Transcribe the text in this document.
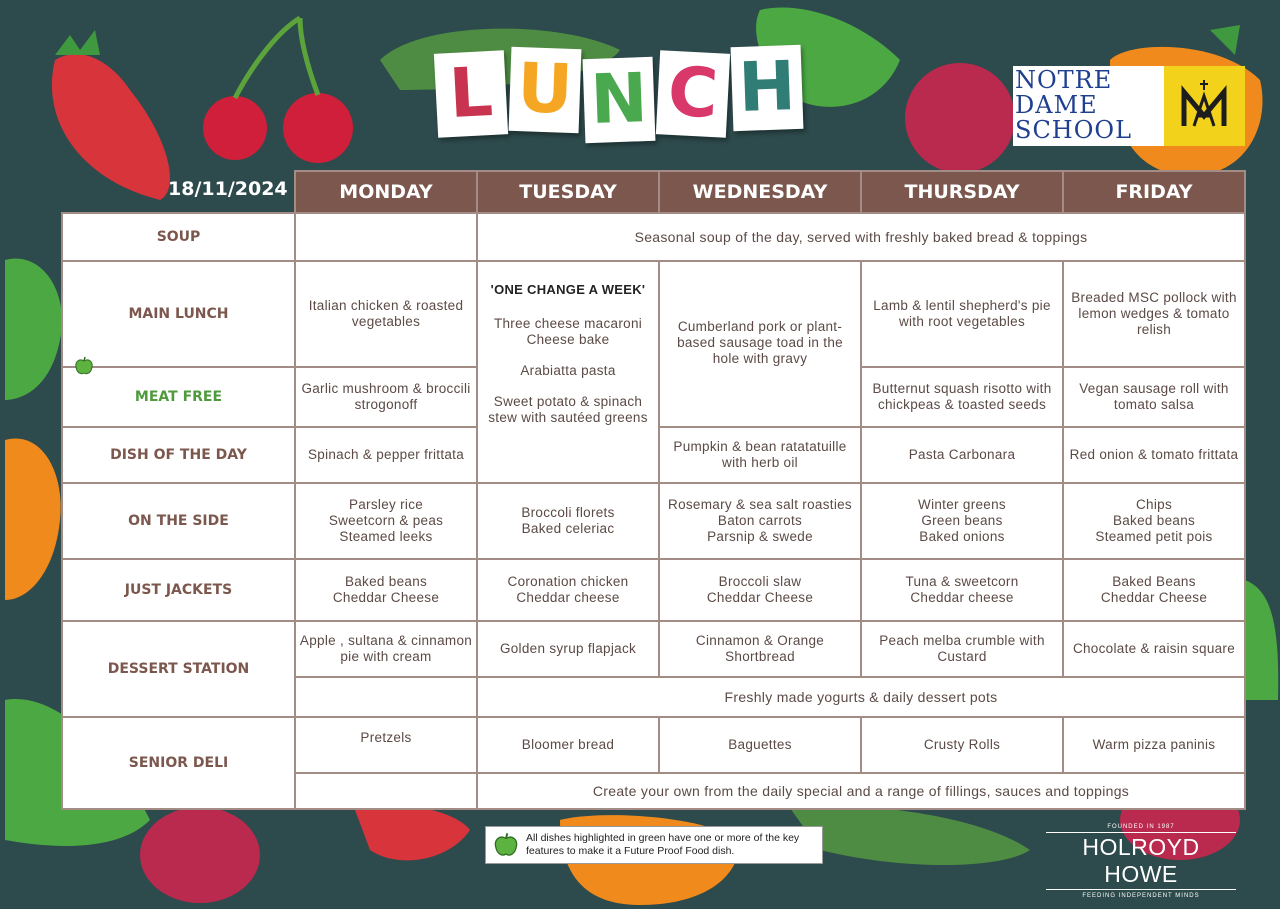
L U N C H	NOTRE
DAME
SCHOOL
18/11/2024
		MONDAY	TUESDAY	WEDNESDAY	THURSDAY	FRIDAY
SOUP		Seasonal soup of the day, served with freshly baked bread & toppings			
MAIN LUNCH	Italian chicken & roasted vegetables	'ONE CHANGE A WEEK'
Three cheese macaroni Cheese bake
Arabiatta pasta
Sweet potato & spinach stew with sautéed greens	Cumberland pork or plant-based sausage toad in the hole with gravy	Lamb & lentil shepherd's pie with root vegetables	Breaded MSC pollock with lemon wedges & tomato relish

MEAT FREE	Garlic mushroom & broccili strogonoff			Butternut squash risotto with chickpeas & toasted seeds	Vegan sausage roll with tomato salsa
DISH OF THE DAY	Spinach & pepper frittata		Pumpkin & bean ratatatuille with herb oil	Pasta Carbonara	Red onion & tomato frittata
ON THE SIDE	Parsley rice
Sweetcorn & peas
Steamed leeks	Broccoli florets
Baked celeriac	Rosemary & sea salt roasties
Baton carrots
Parsnip & swede	Winter greens
Green beans
Baked onions	Chips
Baked beans
Steamed petit pois

JUST JACKETS	Baked beans
Cheddar Cheese	Coronation chicken
Cheddar cheese	Broccoli slaw
Cheddar Cheese	Tuna & sweetcorn
Cheddar cheese	Baked Beans
Cheddar Cheese

DESSERT STATION	Apple , sultana & cinnamon pie with cream	Golden syrup flapjack	Cinnamon & Orange Shortbread	Peach melba crumble with Custard	Chocolate & raisin square
		Freshly made yogurts & daily dessert pots			
SENIOR DELI	Pretzels	Bloomer bread	Baguettes	Crusty Rolls	Warm pizza paninis
		Create your own from the daily special and a range of fillings, sauces and toppings			
All dishes highlighted in green have one or more of the key features to make it a Future Proof Food dish.
FOUNDED IN 1987
HOLROYD HOWE
FEEDING INDEPENDENT MINDS
